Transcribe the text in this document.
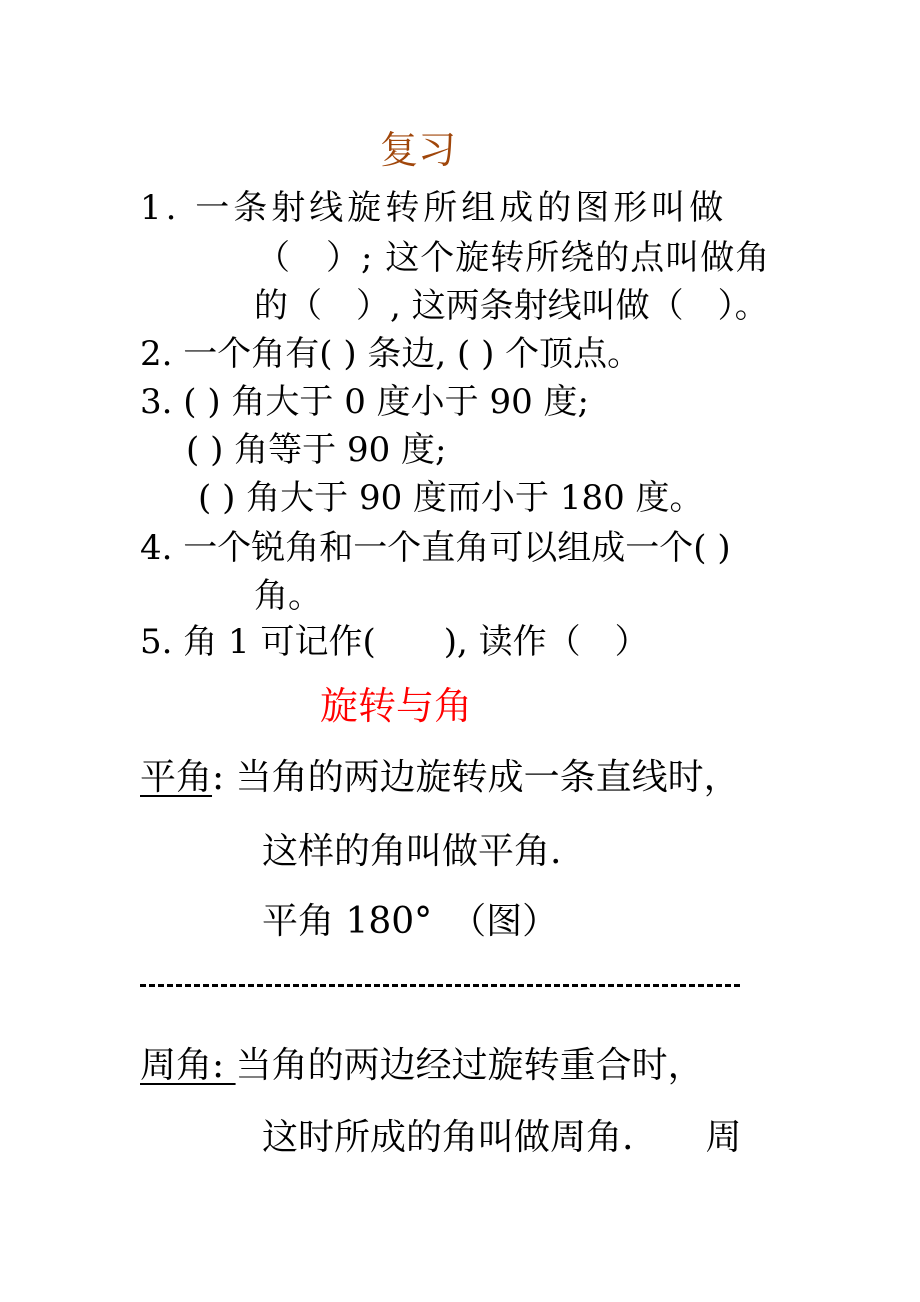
复习
1. 一条射线旋转所组成的图形叫做
（　）; 这个旋转所绕的点叫做角
的（　）, 这两条射线叫做（　）。
2. 一个角有( ) 条边, ( ) 个顶点。
3. ( ) 角大于 0 度小于 90 度;
( ) 角等于 90 度;
( ) 角大于 90 度而小于 180 度。
4. 一个锐角和一个直角可以组成一个( )
角。
5. 角 1 可记作(　　), 读作（　）
旋转与角
平角: 当角的两边旋转成一条直线时，
这样的角叫做平角.
平角 180°　（图）
周角: 当角的两边经过旋转重合时，
这时所成的角叫做周角.　　周
